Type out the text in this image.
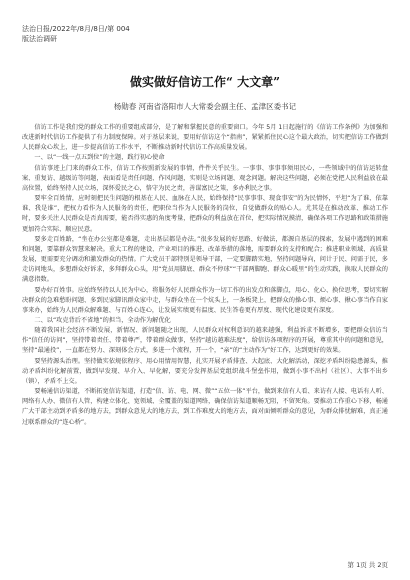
法治日报/2022年/8月/8日/第 004
版法治调研
做实做好信访工作“ 大文章”
杨勋春 河南省洛阳市人大常委会副主任、孟津区委书记

信访工作是我们党的群众工作的重要组成部分，是了解和掌握民意的重要窗口。今年 5月 1日起施行的《信访工作条例》为加强和改进新时代信访工作提供了有力制度保障。对于基层来说，要用好信访这个“指南”，紧紧抓住民心这个最大政治，切实把信访工作做到人民群众心坎上，进一步提高信访工作水平，不断推动新时代信访工作高质量发展。

一、以“一线一点五到位”的主题，践行初心使命

信访事迹上门来的群众工作，信访工作按照新发展的事情，件件关乎民生。一事事、事事事须用民心，一些领域中的信访运转盘案、重复访、越级访等问题，表面看是责任问题、作风问题，实则是立场问题、观念问题。解决这些问题，必须在党把人民利益放在最高位置，始终坚持人民立场，深怀爱民之心，恪守为民之责，善谋富民之策，多办利民之事。

要牢全百姓情，应时刻把民生问题的根基在人民、血脉在人民，始终保持“民事事事、现食事安”的为民情怀，平坦“为了谁、依靠谁、我是谁”，把权力看作为人民服务的责任，把职位当作为人民服务的岗位，自觉做群众的贴心人。尤其是在推动改革、推动工作时，要多关注人民群众是否真需要，能否得实惠的角度考量，把群众的利益放在首位，把实际情况摸清，确保各项工作思路和政策措施更加符合实际、顺应民意。

要多走百姓路，“坐在办公室都是难题，走出基层都是办法。”很多发展的好思路、好做法，都源自基层的探索，发展中遇到的困难和问题，要靠群众智慧来解决。重大工程的建设、产业项目的推进、改革举措的落地，需要群众的支持和配合；推进职业领域、高质量发展，更需要充分调动和激发群众的热情。广大党员干部特别是领导干部，一定要脚踏实地，坚持问题导向，问计于民、问需于民，多走访问地头，多想群众好诉求，多拜群众心头，用“党员用脚底、群众不停球”“干部两脚跑、群众心暖里”的生动实践，换取人民群众的满意指数。

要办好百姓事。应始终坚持以人民为中心，将服务好人民群众作为一切工作的出发点和落脚点，用心、化心、换位思考，要切实解决群众的急难愁盼问题、多到民家脚讯群众家中走，与群众坐在一个炕头上，一条板凳上，把群众的操心事、烦心事、揪心事当作自家事来办，始终为人民群众解难题、与百姓心连心，让发展实绩更有温度、民生答卷更有厚度、现代化建设更有深度。

二、以“攻克背后不省地”的担当，全动作为解优化

随着我国社会经济不断发展，新情况、新问题随之出现，人民群众对权利意识的越来越强，利益诉求不断增多，要把群众信访当作“信任的访问”，坚持带着责任、带着尊严，带着群众做事，坚持“越访越难法度”，给信访各项程序的开展，尊重其中的问题和意见，坚持“最通投”，一直都在努力、深刻体会方式，多进一个流程，开一个，“亲”的“主动作为”好工作，达到更好的效果。

要坚持源头治理。坚持做实依规依程序、用心用情用智慧，扎实开展矛盾排查、大起底、大化解活动，深挖矛盾纠纷隐患源头，推动矛盾纠纷化解前置，做到早发现、早介入、早化解，要充分发挥基层党组织战斗堡垒作用，做到小事不出村（社区）、大事不出乡（镇），矛盾不上交。

要畅通信访渠道，不断拓宽信访渠道，打造“信、访、电、网、微”“五位一体”平台，做到来信有人看、来访有人接、电话有人听、网络有人办、微信有人管，构建立体化、宽领域、全覆盖的渠道网络，确保信访渠道顺畅无阻，不留死角。要推动工作重心下移，畅通广大干部主动到矛盾多的地方去，到群众意见大的地方去，到工作难度大的地方去，面对面倾听群众的意见，为群众排忧解难，真正通过联系群众的“连心桥”。

第 1页 共 2页
